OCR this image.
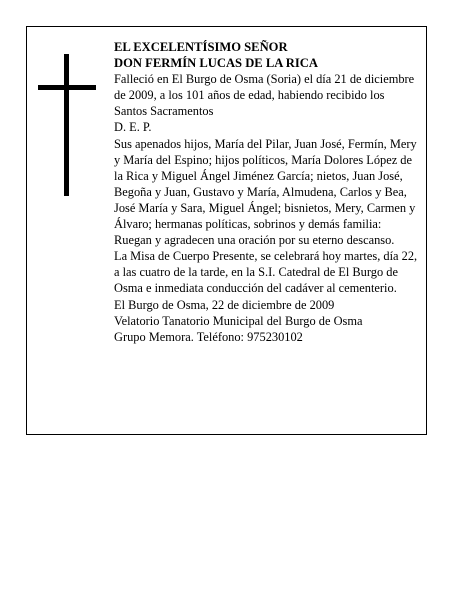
EL EXCELENTÍSIMO SEÑOR

DON FERMÍN LUCAS DE LA RICA

Falleció en El Burgo de Osma (Soria) el día 21 de diciembre de 2009, a los 101 años de edad, habiendo recibido los Santos Sacramentos

D. E. P.

Sus apenados hijos, María del Pilar, Juan José, Fermín, Mery y María del Espino; hijos políticos, María Dolores López de la Rica y Miguel Ángel Jiménez García; nietos, Juan José, Begoña y Juan, Gustavo y María, Almudena, Carlos y Bea, José María y Sara, Miguel Ángel; bisnietos, Mery, Carmen y Álvaro; hermanas políticas, sobrinos y demás familia:

Ruegan y agradecen una oración por su eterno descanso.

La Misa de Cuerpo Presente, se celebrará hoy martes, día 22, a las cuatro de la tarde, en la S.I. Catedral de El Burgo de Osma e inmediata conducción del cadáver al cementerio.

El Burgo de Osma, 22 de diciembre de 2009

Velatorio Tanatorio Municipal del Burgo de Osma

Grupo Memora. Teléfono: 975230102
